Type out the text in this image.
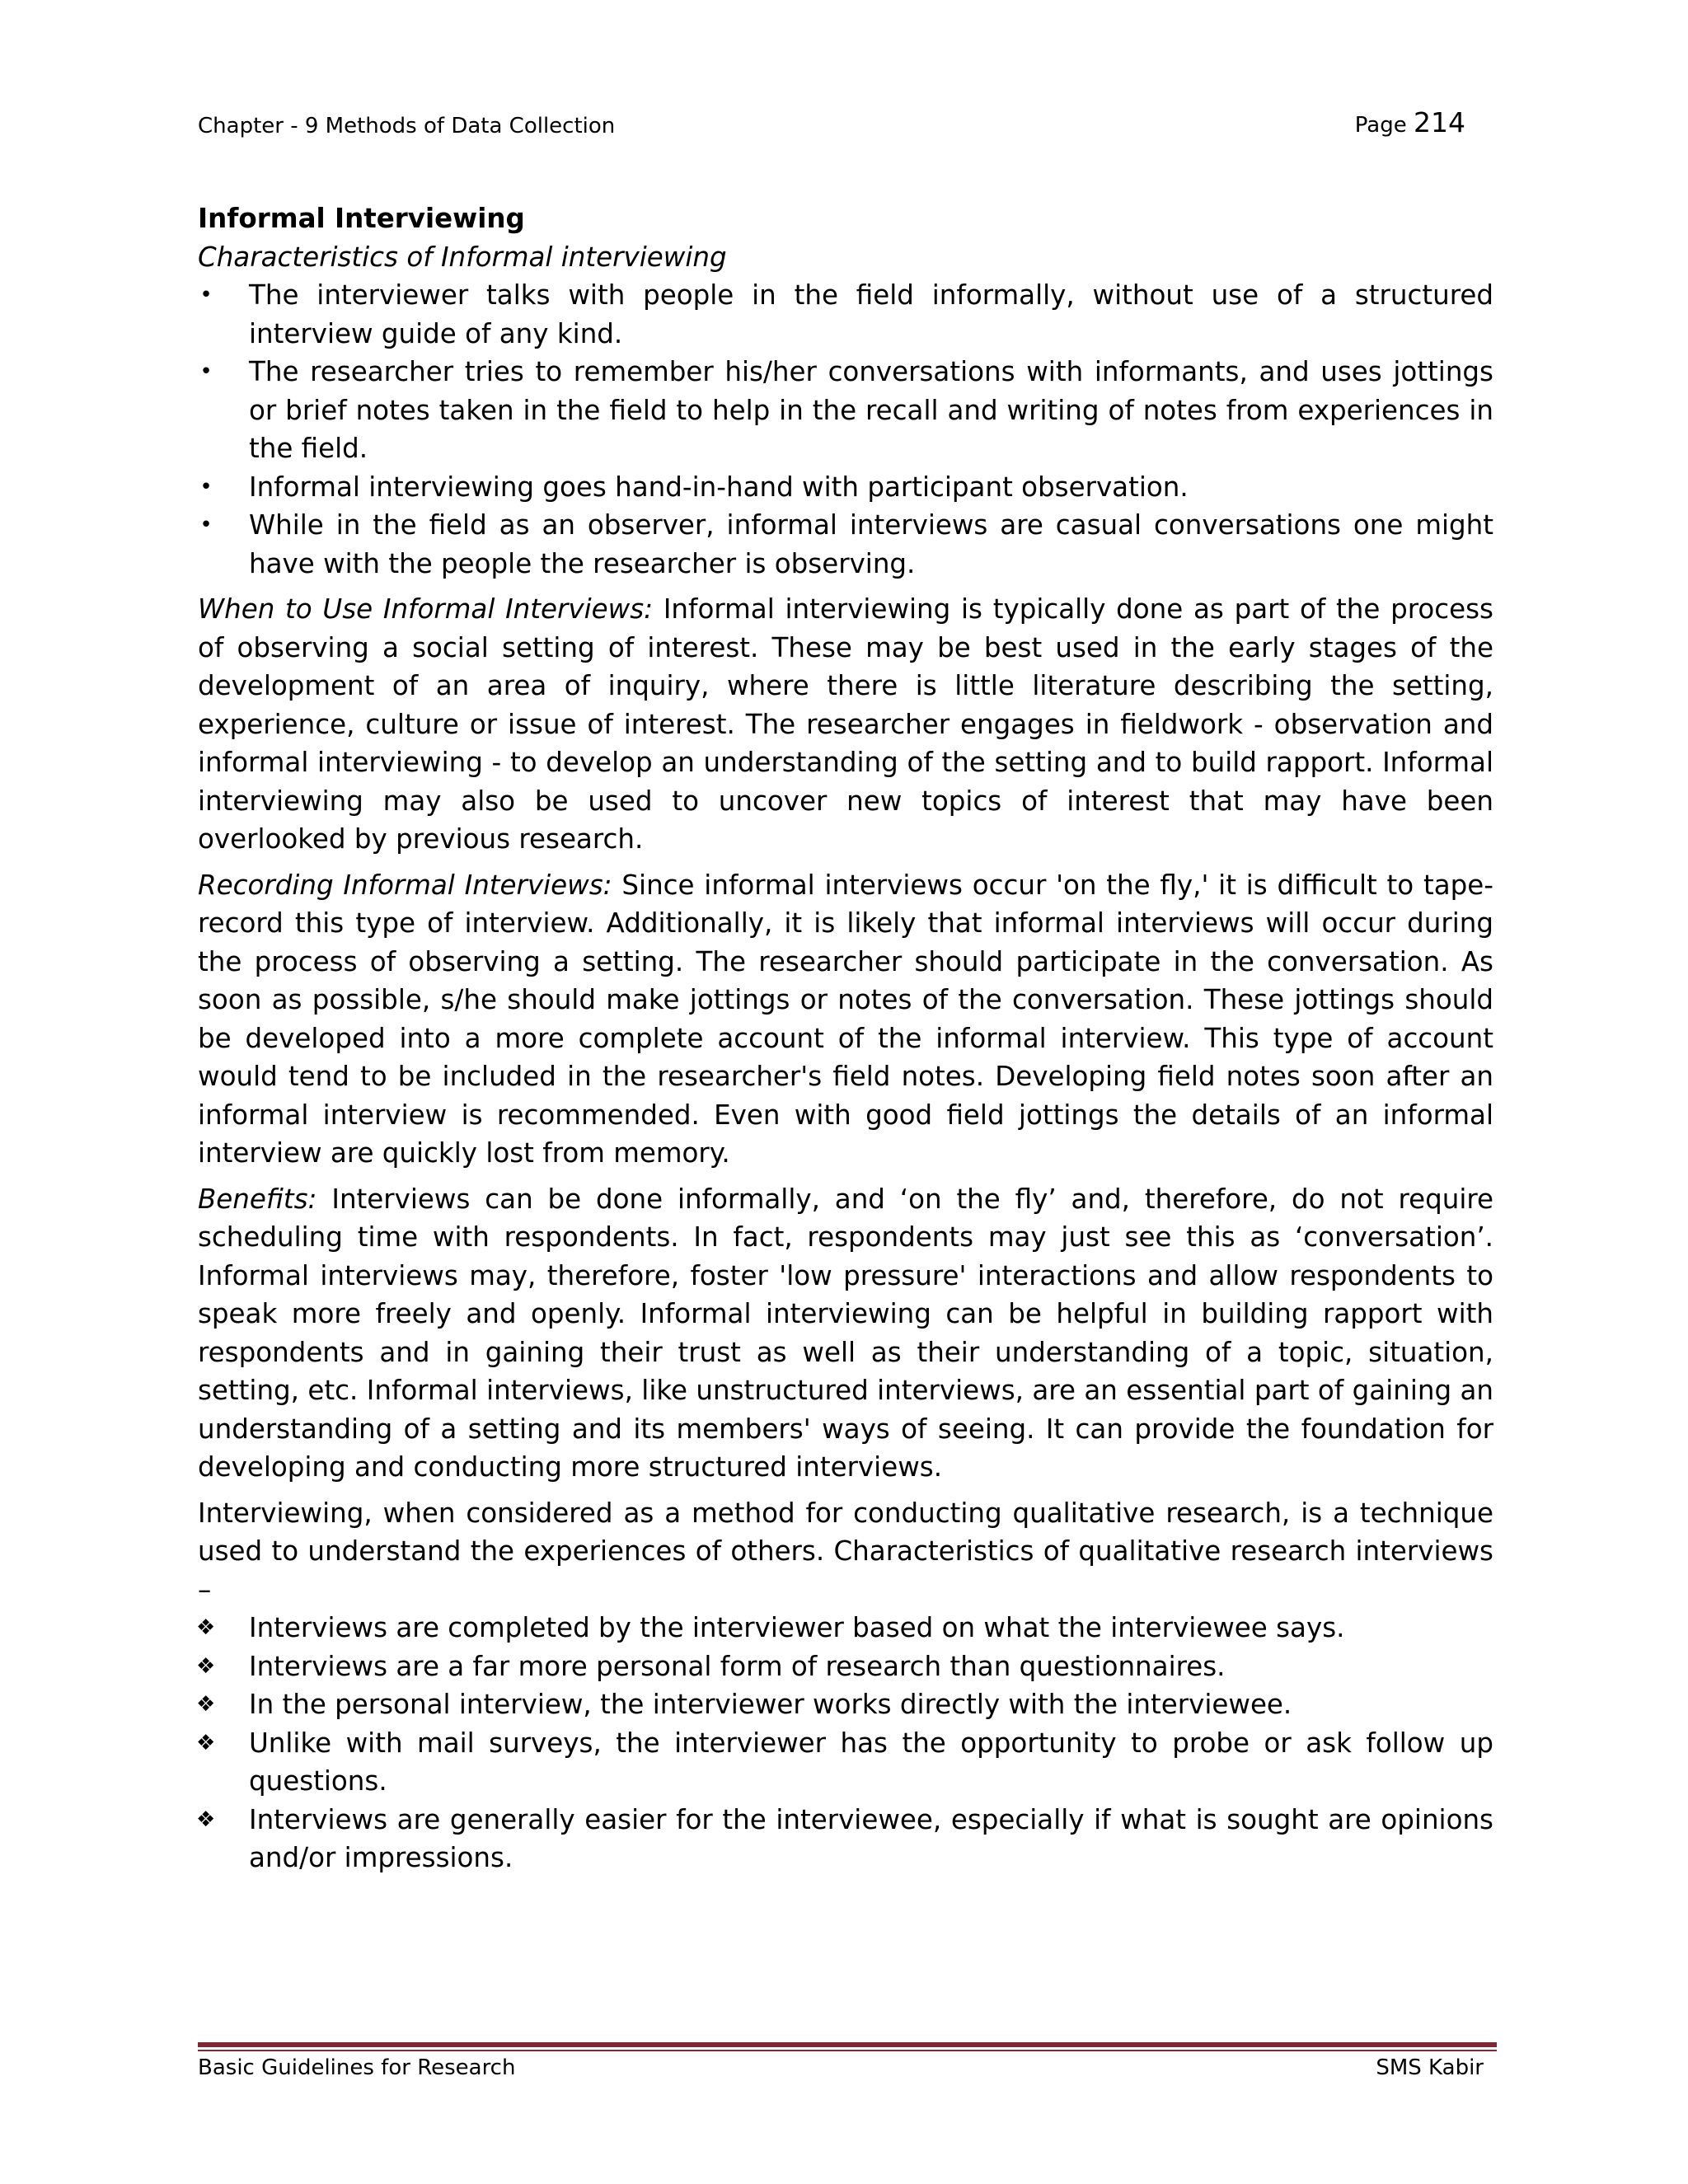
Chapter - 9 Methods of Data Collection	Page 214
Informal Interviewing
Characteristics of Informal interviewing
• The interviewer talks with people in the field informally, without use of a structured interview guide of any kind.
• The researcher tries to remember his/her conversations with informants, and uses jottings or brief notes taken in the field to help in the recall and writing of notes from experiences in the field.
• Informal interviewing goes hand-in-hand with participant observation.
• While in the field as an observer, informal interviews are casual conversations one might have with the people the researcher is observing.

When to Use Informal Interviews: Informal interviewing is typically done as part of the process of observing a social setting of interest. These may be best used in the early stages of the development of an area of inquiry, where there is little literature describing the setting, experience, culture or issue of interest. The researcher engages in fieldwork - observation and informal interviewing - to develop an understanding of the setting and to build rapport. Informal interviewing may also be used to uncover new topics of interest that may have been overlooked by previous research.

Recording Informal Interviews: Since informal interviews occur 'on the fly,' it is difficult to tape-record this type of interview. Additionally, it is likely that informal interviews will occur during the process of observing a setting. The researcher should participate in the conversation. As soon as possible, s/he should make jottings or notes of the conversation. These jottings should be developed into a more complete account of the informal interview. This type of account would tend to be included in the researcher's field notes. Developing field notes soon after an informal interview is recommended. Even with good field jottings the details of an informal interview are quickly lost from memory.

Benefits: Interviews can be done informally, and ‘on the fly’ and, therefore, do not require scheduling time with respondents. In fact, respondents may just see this as ‘conversation’. Informal interviews may, therefore, foster 'low pressure' interactions and allow respondents to speak more freely and openly. Informal interviewing can be helpful in building rapport with respondents and in gaining their trust as well as their understanding of a topic, situation, setting, etc. Informal interviews, like unstructured interviews, are an essential part of gaining an understanding of a setting and its members' ways of seeing. It can provide the foundation for developing and conducting more structured interviews.

Interviewing, when considered as a method for conducting qualitative research, is a technique used to understand the experiences of others. Characteristics of qualitative research interviews –

❖ Interviews are completed by the interviewer based on what the interviewee says.
❖ Interviews are a far more personal form of research than questionnaires.
❖ In the personal interview, the interviewer works directly with the interviewee.
❖ Unlike with mail surveys, the interviewer has the opportunity to probe or ask follow up questions.
❖ Interviews are generally easier for the interviewee, especially if what is sought are opinions and/or impressions.
Basic Guidelines for Research	SMS Kabir
